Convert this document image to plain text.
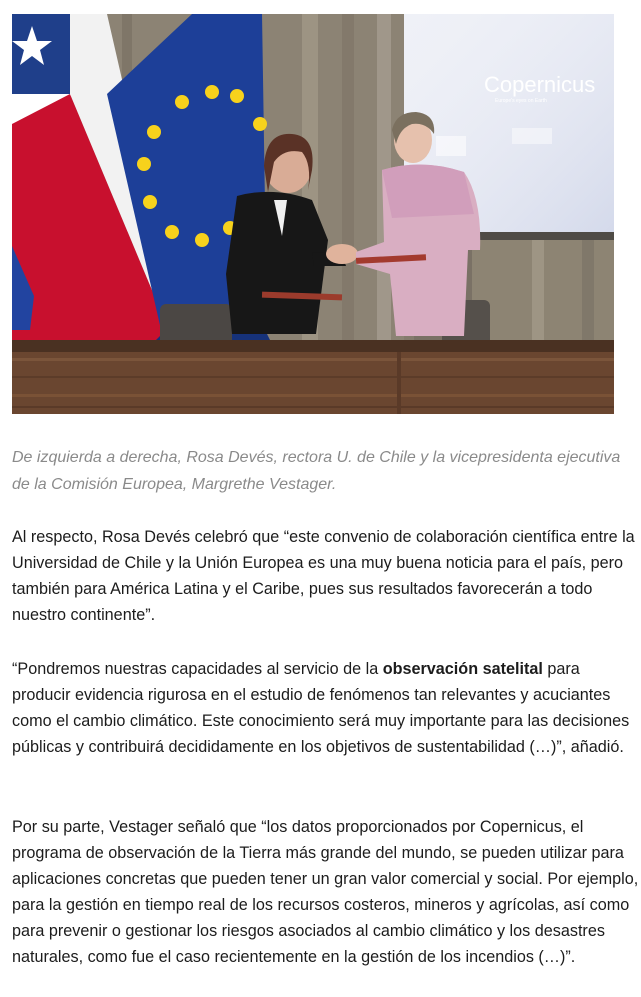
Copernicus
Europe's eyes on Earth

De izquierda a derecha, Rosa Devés, rectora U. de Chile y la vicepresidenta ejecutiva de la Comisión Europea, Margrethe Vestager.

Al respecto, Rosa Devés celebró que “este convenio de colaboración científica entre la Universidad de Chile y la Unión Europea es una muy buena noticia para el país, pero también para América Latina y el Caribe, pues sus resultados favorecerán a todo nuestro continente”.

“Pondremos nuestras capacidades al servicio de la observación satelital para producir evidencia rigurosa en el estudio de fenómenos tan relevantes y acuciantes como el cambio climático. Este conocimiento será muy importante para las decisiones públicas y contribuirá decididamente en los objetivos de sustentabilidad (…)”, añadió.

Por su parte, Vestager señaló que “los datos proporcionados por Copernicus, el programa de observación de la Tierra más grande del mundo, se pueden utilizar para aplicaciones concretas que pueden tener un gran valor comercial y social. Por ejemplo, para la gestión en tiempo real de los recursos costeros, mineros y agrícolas, así como para prevenir o gestionar los riesgos asociados al cambio climático y los desastres naturales, como fue el caso recientemente en la gestión de los incendios (…)”.
